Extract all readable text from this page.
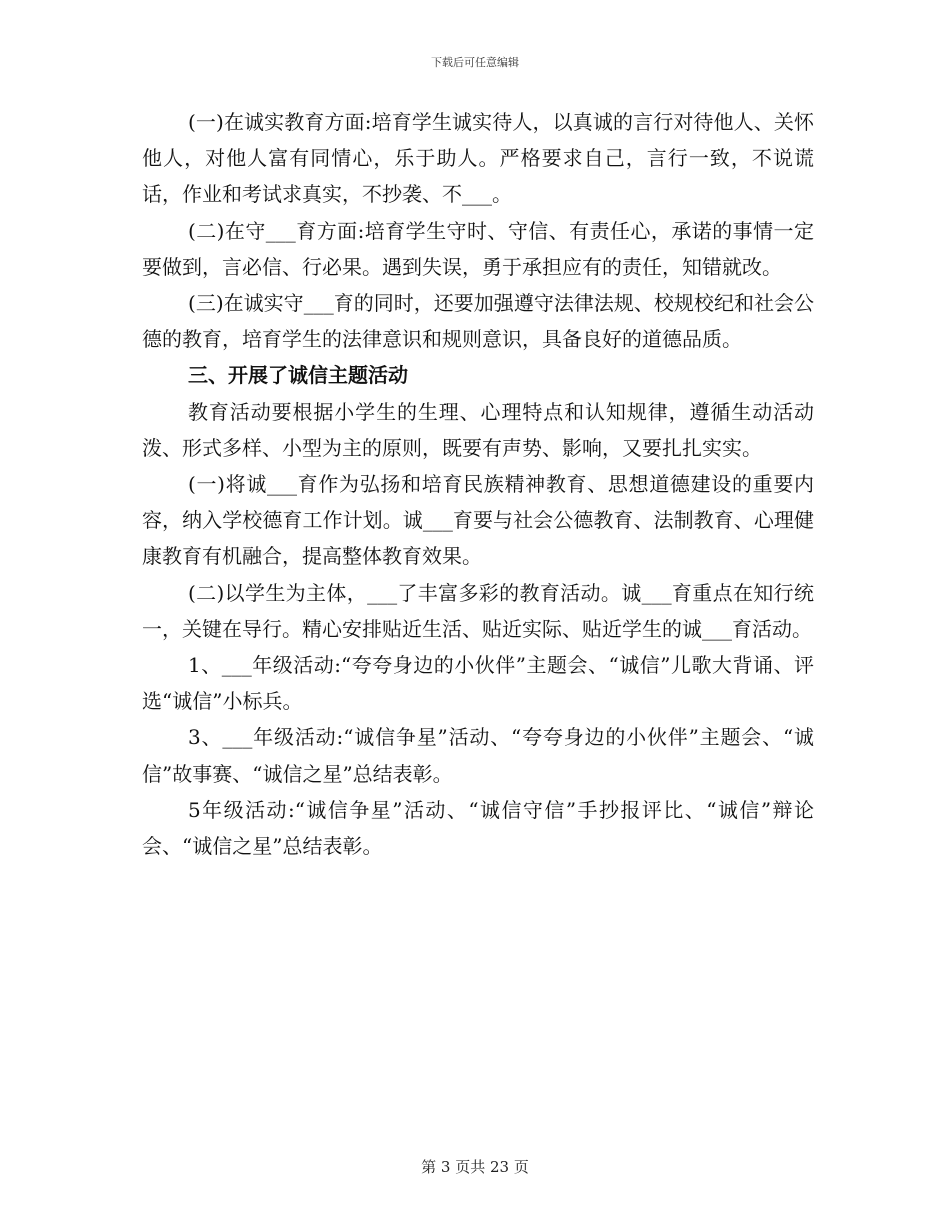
下载后可任意编辑

(一)在诚实教育方面:培育学生诚实待人，以真诚的言行对待他人、关怀他人，对他人富有同情心，乐于助人。严格要求自己，言行一致，不说谎话，作业和考试求真实，不抄袭、不___。

(二)在守___育方面:培育学生守时、守信、有责任心，承诺的事情一定要做到，言必信、行必果。遇到失误，勇于承担应有的责任，知错就改。

(三)在诚实守___育的同时，还要加强遵守法律法规、校规校纪和社会公德的教育，培育学生的法律意识和规则意识，具备良好的道德品质。

三、开展了诚信主题活动

教育活动要根据小学生的生理、心理特点和认知规律，遵循生动活动泼、形式多样、小型为主的原则，既要有声势、影响，又要扎扎实实。

(一)将诚___育作为弘扬和培育民族精神教育、思想道德建设的重要内容，纳入学校德育工作计划。诚___育要与社会公德教育、法制教育、心理健康教育有机融合，提高整体教育效果。

(二)以学生为主体，___了丰富多彩的教育活动。诚___育重点在知行统一，关键在导行。精心安排贴近生活、贴近实际、贴近学生的诚___育活动。

1、___年级活动:“夸夸身边的小伙伴”主题会、“诚信”儿歌大背诵、评选“诚信”小标兵。

3、___年级活动:“诚信争星”活动、“夸夸身边的小伙伴”主题会、“诚信”故事赛、“诚信之星”总结表彰。

5年级活动:“诚信争星”活动、“诚信守信”手抄报评比、“诚信”辩论会、“诚信之星”总结表彰。

第 3 页共 23 页
